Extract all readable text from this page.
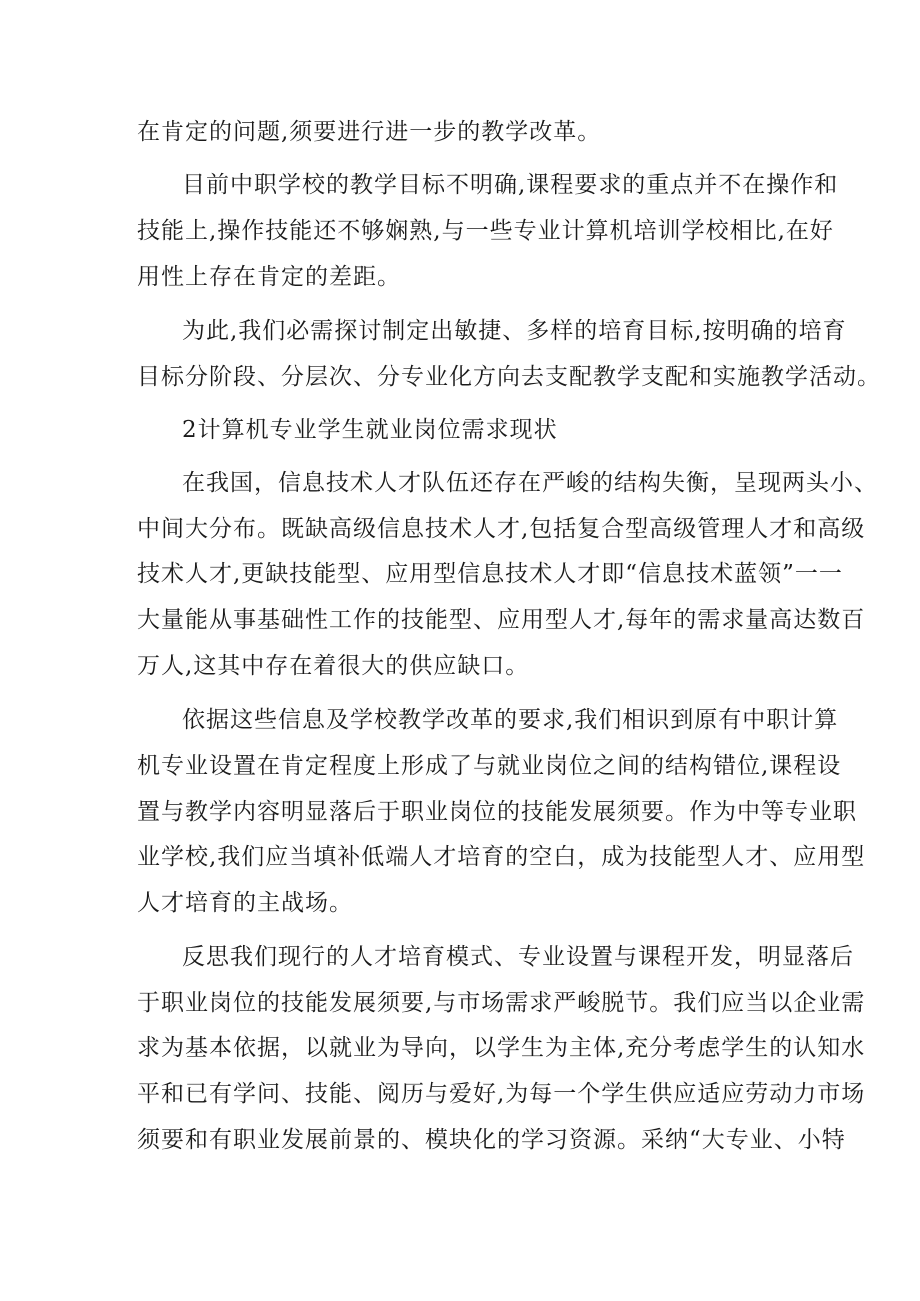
在肯定的问题,须要进行进一步的教学改革。

目前中职学校的教学目标不明确,课程要求的重点并不在操作和

技能上,操作技能还不够娴熟,与一些专业计算机培训学校相比,在好

用性上存在肯定的差距。

为此,我们必需探讨制定出敏捷、多样的培育目标,按明确的培育

目标分阶段、分层次、分专业化方向去支配教学支配和实施教学活动。

2计算机专业学生就业岗位需求现状

在我国，信息技术人才队伍还存在严峻的结构失衡，呈现两头小、

中间大分布。既缺高级信息技术人才,包括复合型高级管理人才和高级

技术人才,更缺技能型、应用型信息技术人才即“信息技术蓝领”一一

大量能从事基础性工作的技能型、应用型人才,每年的需求量高达数百

万人,这其中存在着很大的供应缺口。

依据这些信息及学校教学改革的要求,我们相识到原有中职计算

机专业设置在肯定程度上形成了与就业岗位之间的结构错位,课程设

置与教学内容明显落后于职业岗位的技能发展须要。作为中等专业职

业学校,我们应当填补低端人才培育的空白，成为技能型人才、应用型

人才培育的主战场。

反思我们现行的人才培育模式、专业设置与课程开发，明显落后

于职业岗位的技能发展须要,与市场需求严峻脱节。我们应当以企业需

求为基本依据，以就业为导向，以学生为主体,充分考虑学生的认知水

平和已有学问、技能、阅历与爱好,为每一个学生供应适应劳动力市场

须要和有职业发展前景的、模块化的学习资源。采纳“大专业、小特
